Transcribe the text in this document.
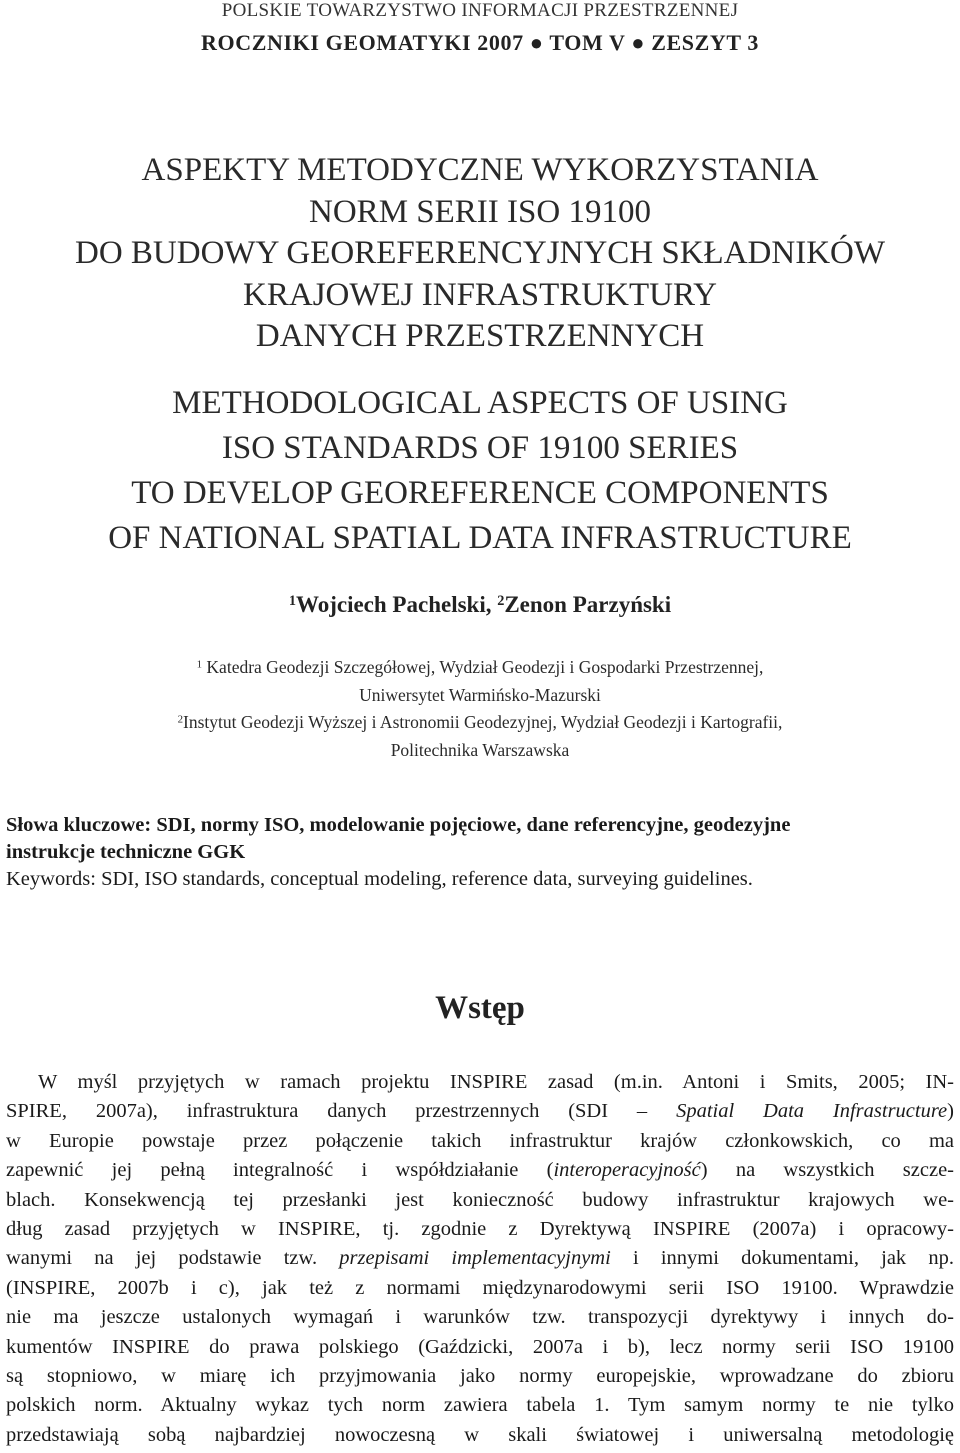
POLSKIE TOWARZYSTWO INFORMACJI PRZESTRZENNEJ
ROCZNIKI GEOMATYKI 2007 ● TOM V ● ZESZYT 3
ASPEKTY METODYCZNE WYKORZYSTANIA
NORM SERII ISO 19100
DO BUDOWY GEOREFERENCYJNYCH SKŁADNIKÓW
KRAJOWEJ INFRASTRUKTURY
DANYCH PRZESTRZENNYCH
METHODOLOGICAL ASPECTS OF USING
ISO STANDARDS OF 19100 SERIES
TO DEVELOP GEOREFERENCE COMPONENTS
OF NATIONAL SPATIAL DATA INFRASTRUCTURE
$^1$Wojciech Pachelski, $^2$Zenon Parzyński
$^1$ Katedra Geodezji Szczegółowej, Wydział Geodezji i Gospodarki Przestrzennej,
Uniwersytet Warmińsko-Mazurski
$^2$Instytut Geodezji Wyższej i Astronomii Geodezyjnej, Wydział Geodezji i Kartografii,
Politechnika Warszawska
Słowa kluczowe: SDI, normy ISO, modelowanie pojęciowe, dane referencyjne, geodezyjne
instrukcje techniczne GGK
Keywords: SDI, ISO standards, conceptual modeling, reference data, surveying guidelines.
Wstęp
W myśl przyjętych w ramach projektu INSPIRE zasad (m.in. Antoni i Smits, 2005; IN-
SPIRE, 2007a), infrastruktura danych przestrzennych (SDI – Spatial Data Infrastructure)
w Europie powstaje przez połączenie takich infrastruktur krajów członkowskich, co ma
zapewnić jej pełną integralność i współdziałanie (interoperacyjność) na wszystkich szcze-
blach. Konsekwencją tej przesłanki jest konieczność budowy infrastruktur krajowych we-
dług zasad przyjętych w INSPIRE, tj. zgodnie z Dyrektywą INSPIRE (2007a) i opracowy-
wanymi na jej podstawie tzw. przepisami implementacyjnymi i innymi dokumentami, jak np.
(INSPIRE, 2007b i c), jak też z normami międzynarodowymi serii ISO 19100. Wprawdzie
nie ma jeszcze ustalonych wymagań i warunków tzw. transpozycji dyrektywy i innych do-
kumentów INSPIRE do prawa polskiego (Gaździcki, 2007a i b), lecz normy serii ISO 19100
są stopniowo, w miarę ich przyjmowania jako normy europejskie, wprowadzane do zbioru
polskich norm. Aktualny wykaz tych norm zawiera tabela 1. Tym samym normy te nie tylko
przedstawiają sobą najbardziej nowoczesną w skali światowej i uniwersalną metodologię
